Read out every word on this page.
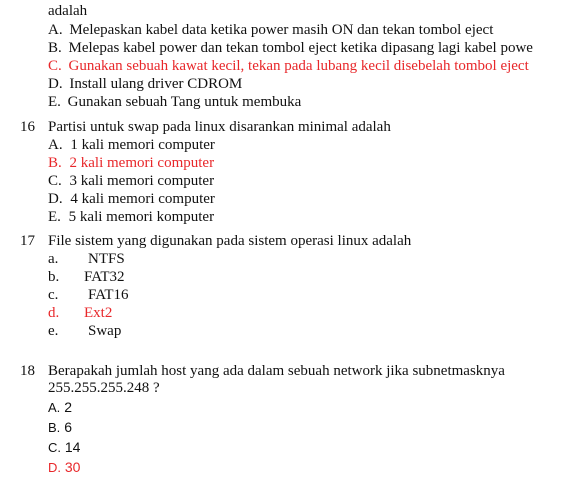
adalah
A. Melepaskan kabel data ketika power masih ON dan tekan tombol eject
B. Melepas kabel power dan tekan tombol eject ketika dipasang lagi kabel powe
C. Gunakan sebuah kawat kecil, tekan pada lubang kecil disebelah tombol eject
D. Install ulang driver CDROM
E. Gunakan sebuah Tang untuk membuka
16 Partisi untuk swap pada linux disarankan minimal adalah
A. 1 kali memori computer
B. 2 kali memori computer
C. 3 kali memori computer
D. 4 kali memori computer
E. 5 kali memori komputer
17 File sistem yang digunakan pada sistem operasi linux adalah
a. NTFS
b. FAT32
c. FAT16
d. Ext2
e. Swap
18 Berapakah jumlah host yang ada dalam sebuah network jika subnetmasknya
255.255.255.248 ?
A. 2
B. 6
C. 14
D. 30
